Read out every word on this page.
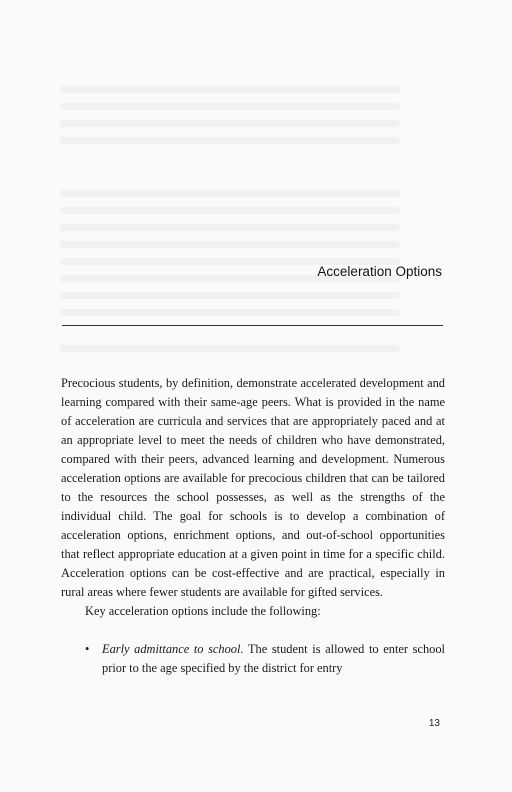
Acceleration Options

Precocious students, by definition, demonstrate accelerated development and learning compared with their same-age peers. What is provided in the name of acceleration are curricula and services that are appropriately paced and at an appropriate level to meet the needs of children who have demonstrated, compared with their peers, advanced learning and development. Numerous acceleration options are available for precocious children that can be tailored to the resources the school possesses, as well as the strengths of the individual child. The goal for schools is to develop a combination of acceleration options, enrichment options, and out-of-school opportunities that reflect appropriate education at a given point in time for a specific child. Acceleration options can be cost-effective and are practical, especially in rural areas where fewer students are available for gifted services.

Key acceleration options include the following:

• Early admittance to school. The student is allowed to enter school prior to the age specified by the district for entry
13
